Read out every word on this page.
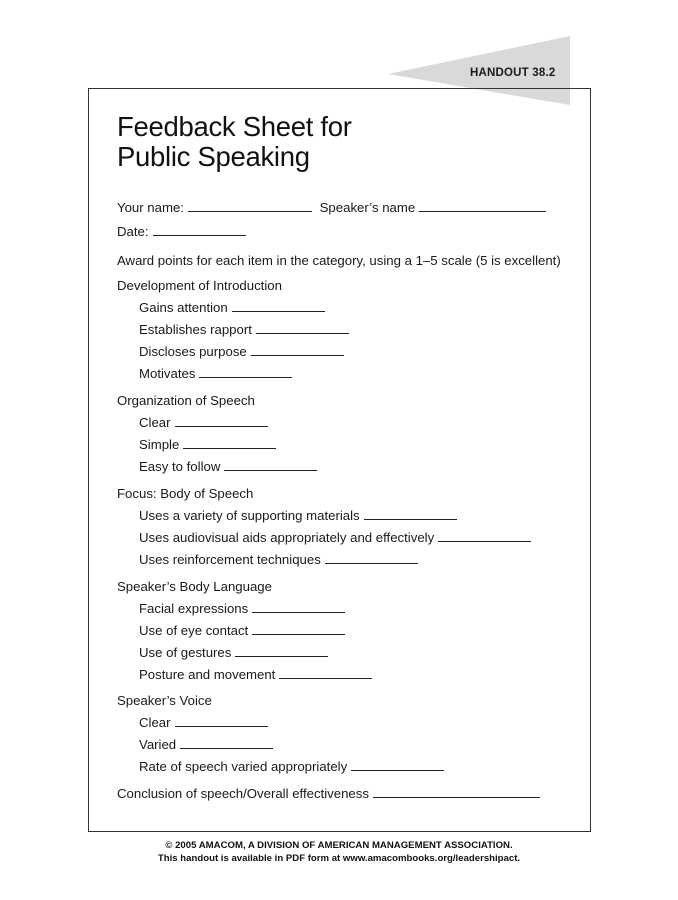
HANDOUT 38.2
Feedback Sheet for
Public Speaking
Your name:	Speaker’s name
Date:
Award points for each item in the category, using a 1–5 scale (5 is excellent)
Development of Introduction
Gains attention
Establishes rapport
Discloses purpose
Motivates
Organization of Speech
Clear
Simple
Easy to follow
Focus: Body of Speech
Uses a variety of supporting materials
Uses audiovisual aids appropriately and effectively
Uses reinforcement techniques
Speaker’s Body Language
Facial expressions
Use of eye contact
Use of gestures
Posture and movement
Speaker’s Voice
Clear
Varied
Rate of speech varied appropriately
Conclusion of speech/Overall effectiveness
© 2005 AMACOM, A DIVISION OF AMERICAN MANAGEMENT ASSOCIATION.
This handout is available in PDF form at www.amacombooks.org/leadershipact.
